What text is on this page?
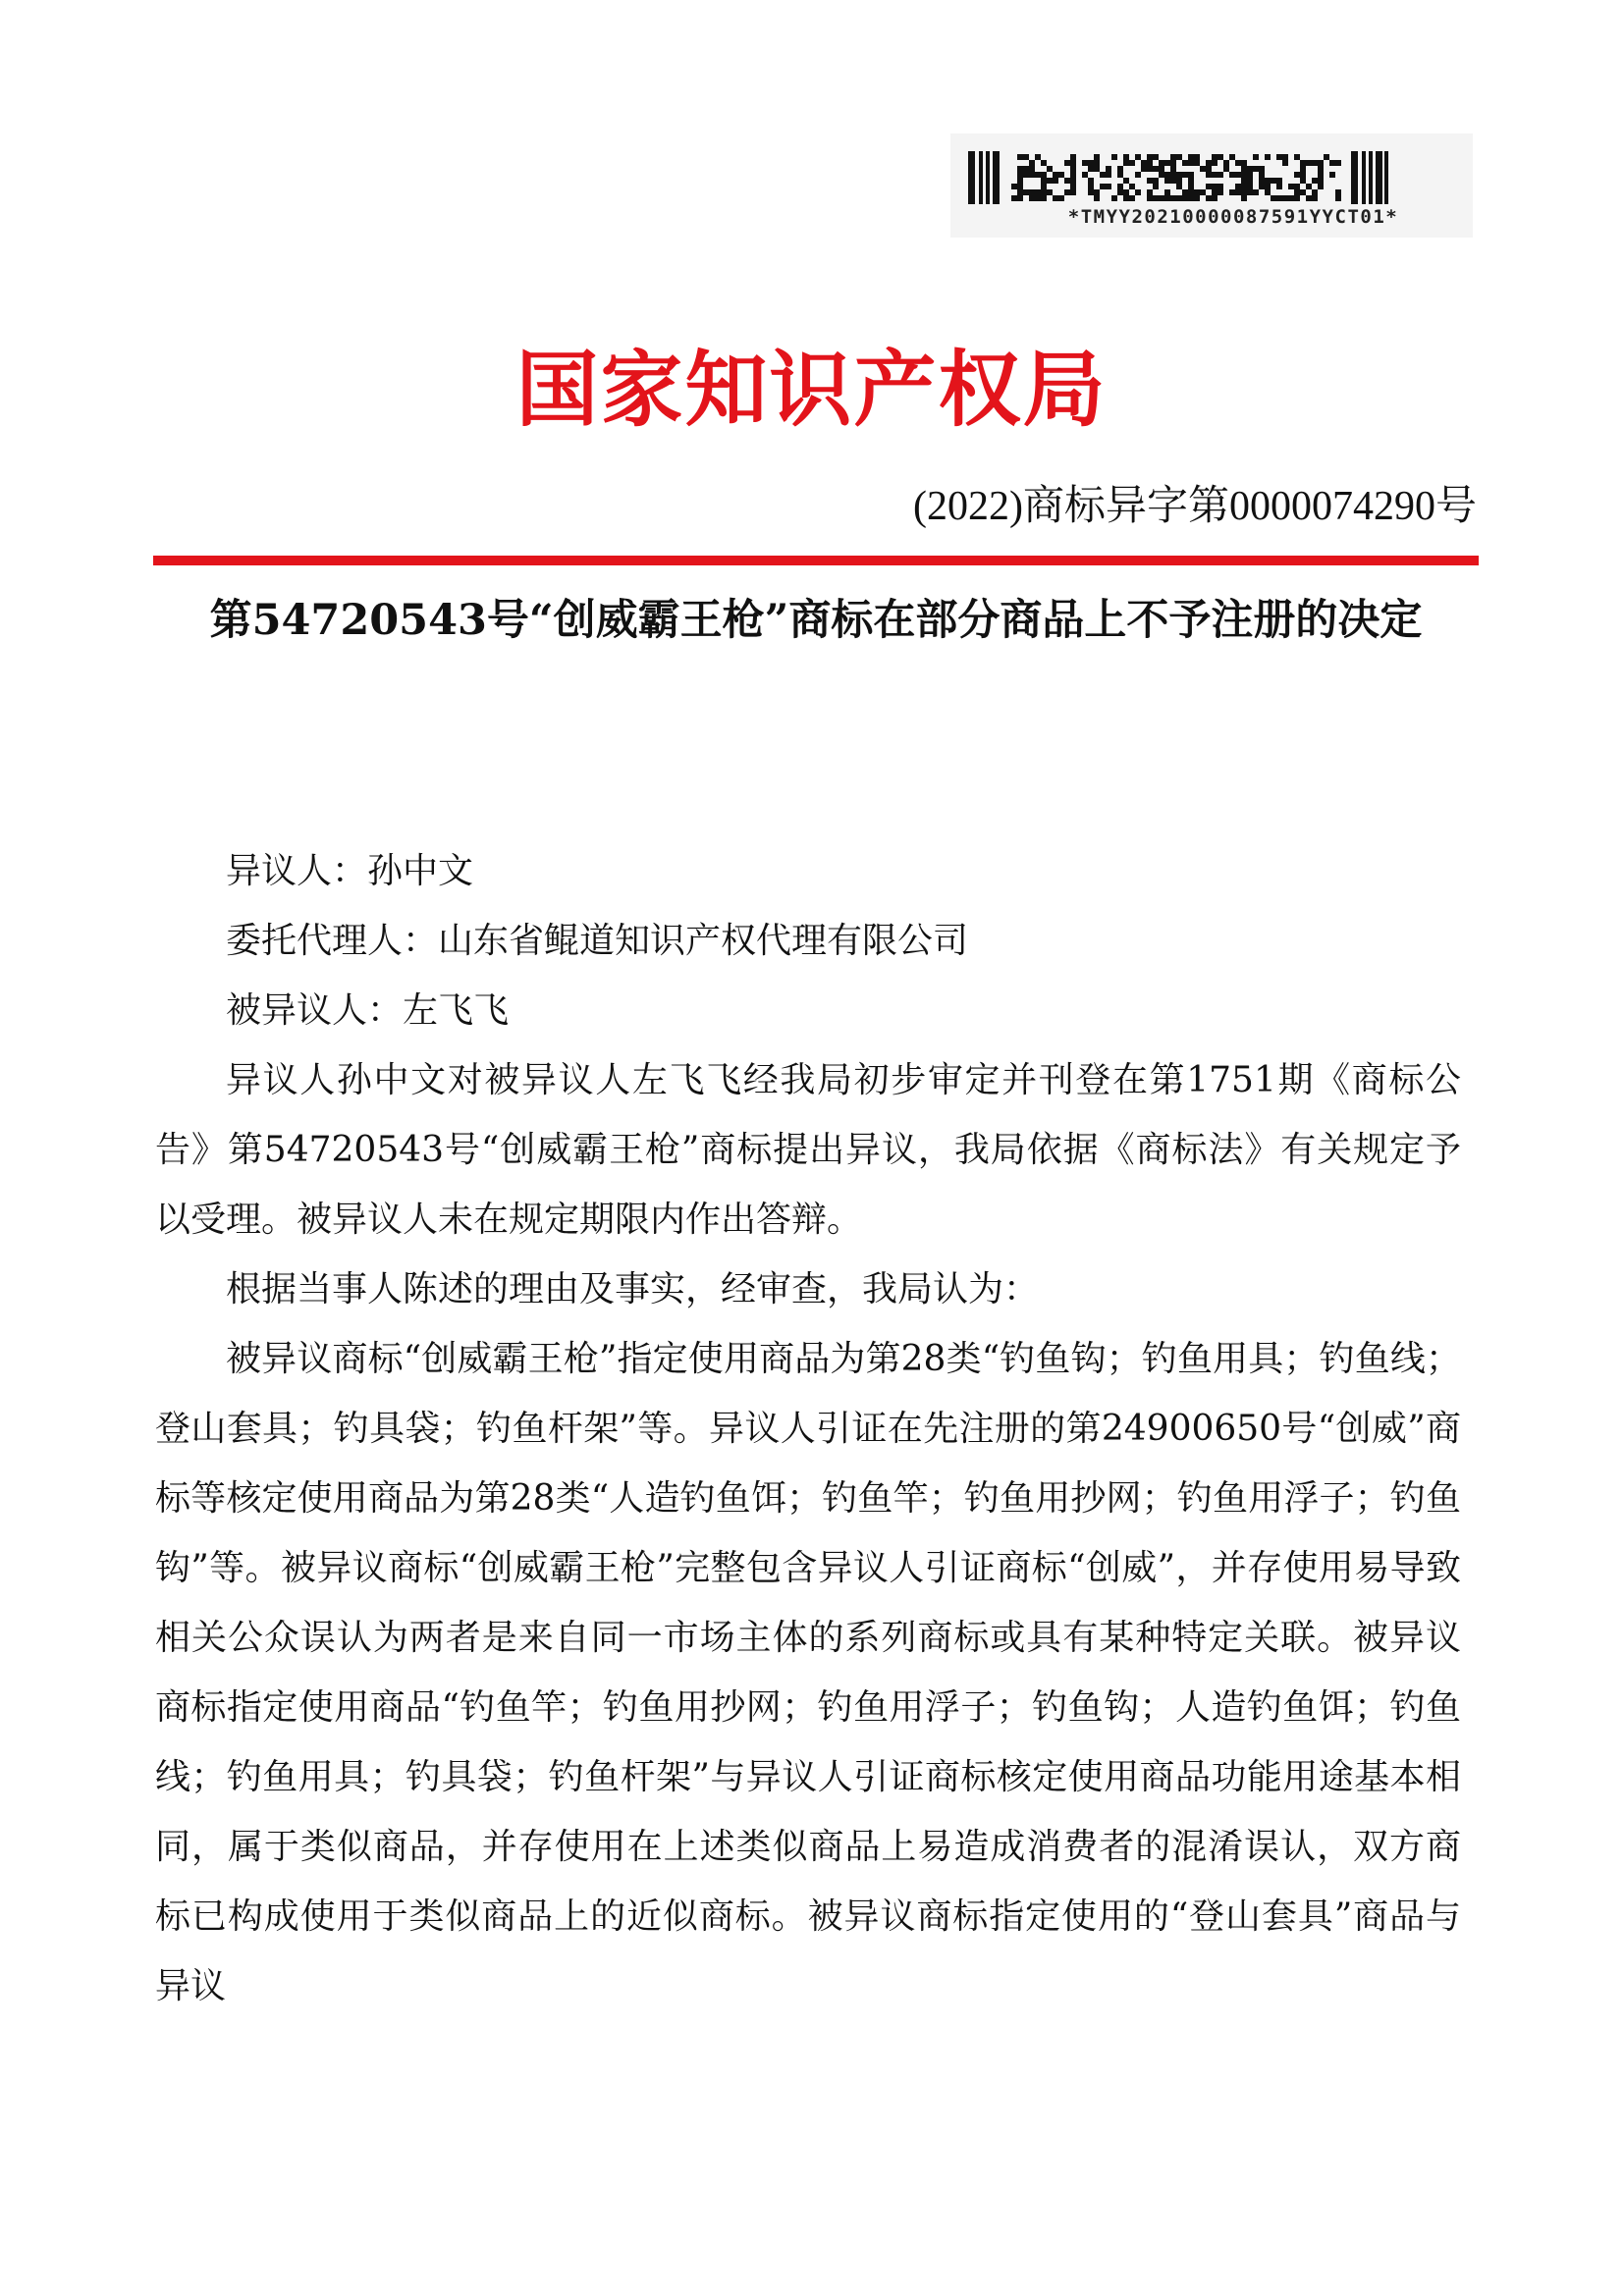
*TMYY20210000087591YYCT01*
国家知识产权局
(2022)商标异字第0000074290号
第54720543号“创威霸王枪”商标在部分商品上不予注册的决定

异议人：孙中文

委托代理人：山东省鲲道知识产权代理有限公司

被异议人：左飞飞

异议人孙中文对被异议人左飞飞经我局初步审定并刊登在第1751期《商标公告》第54720543号“创威霸王枪”商标提出异议，我局依据《商标法》有关规定予以受理。被异议人未在规定期限内作出答辩。

根据当事人陈述的理由及事实，经审查，我局认为：

被异议商标“创威霸王枪”指定使用商品为第28类“钓鱼钩；钓鱼用具；钓鱼线；登山套具；钓具袋；钓鱼杆架”等。异议人引证在先注册的第24900650号“创威”商标等核定使用商品为第28类“人造钓鱼饵；钓鱼竿；钓鱼用抄网；钓鱼用浮子；钓鱼钩”等。被异议商标“创威霸王枪”完整包含异议人引证商标“创威”，并存使用易导致相关公众误认为两者是来自同一市场主体的系列商标或具有某种特定关联。被异议商标指定使用商品“钓鱼竿；钓鱼用抄网；钓鱼用浮子；钓鱼钩；人造钓鱼饵；钓鱼线；钓鱼用具；钓具袋；钓鱼杆架”与异议人引证商标核定使用商品功能用途基本相同，属于类似商品，并存使用在上述类似商品上易造成消费者的混淆误认，双方商标已构成使用于类似商品上的近似商标。被异议商标指定使用的“登山套具”商品与异议
